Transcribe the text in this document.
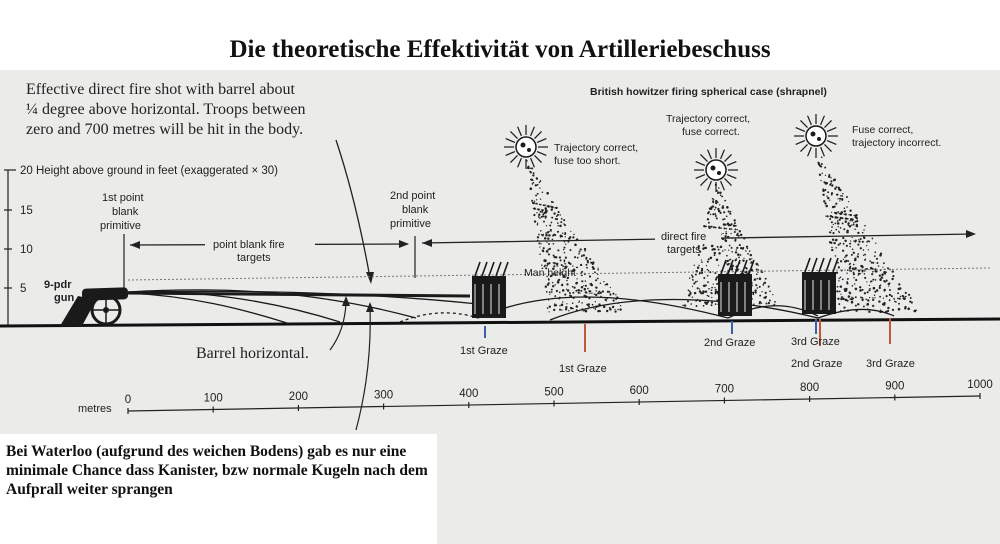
Die theoretische Effektivität von Artilleriebeschuss
20 Height above ground in feet (exaggerated × 30)
15
10
5
Effective direct fire shot with barrel about
¼ degree above horizontal. Troops between
zero and 700 metres will be hit in the body.
British howitzer firing spherical case (shrapnel)
9-pdr
gun
Man height
1st point
blank
primitive
2nd point
blank
primitive
point blank fire
targets
direct fire
targets
Trajectory correct,
fuse too short.
Trajectory correct,
fuse correct.	Fuse correct,
trajectory incorrect.
Barrel horizontal.	1st Graze
1st Graze
2nd Graze	3rd Graze
2nd Graze 3rd Graze
0	100	200	300	400	500	600	700	800	900	1000
metres
Bei Waterloo (aufgrund des weichen Bodens) gab es nur eine minimale Chance dass Kanister, bzw normale Kugeln nach dem Aufprall weiter sprangen
